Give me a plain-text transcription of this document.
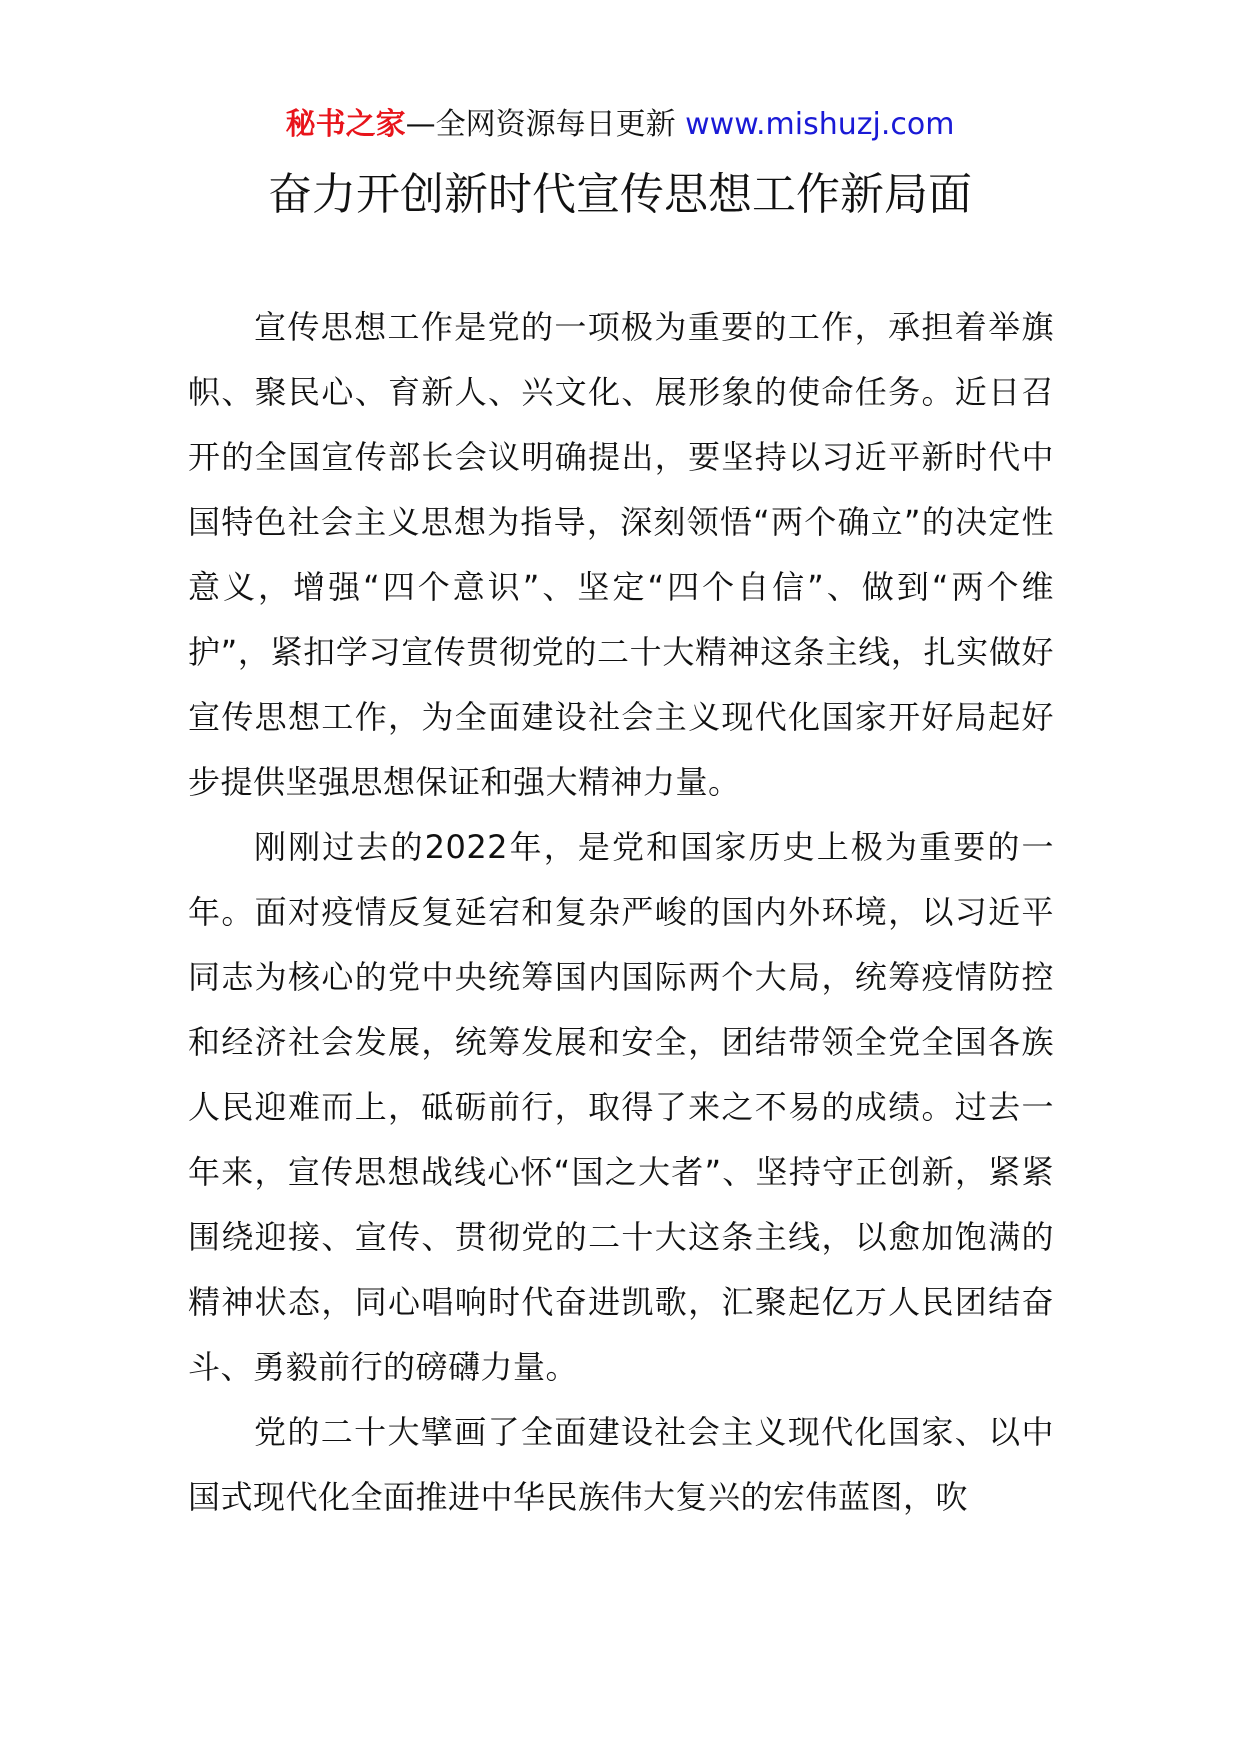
秘书之家—全网资源每日更新 www.mishuzj.com
奋力开创新时代宣传思想工作新局面

宣传思想工作是党的一项极为重要的工作，承担着举旗帜、聚民心、育新人、兴文化、展形象的使命任务。近日召开的全国宣传部长会议明确提出，要坚持以习近平新时代中国特色社会主义思想为指导，深刻领悟“两个确立”的决定性意义，增强“四个意识”、坚定“四个自信”、做到“两个维护”，紧扣学习宣传贯彻党的二十大精神这条主线，扎实做好宣传思想工作，为全面建设社会主义现代化国家开好局起好步提供坚强思想保证和强大精神力量。

刚刚过去的2022年，是党和国家历史上极为重要的一年。面对疫情反复延宕和复杂严峻的国内外环境，以习近平同志为核心的党中央统筹国内国际两个大局，统筹疫情防控和经济社会发展，统筹发展和安全，团结带领全党全国各族人民迎难而上，砥砺前行，取得了来之不易的成绩。过去一年来，宣传思想战线心怀“国之大者”、坚持守正创新，紧紧围绕迎接、宣传、贯彻党的二十大这条主线，以愈加饱满的精神状态，同心唱响时代奋进凯歌，汇聚起亿万人民团结奋斗、勇毅前行的磅礴力量。

党的二十大擘画了全面建设社会主义现代化国家、以中国式现代化全面推进中华民族伟大复兴的宏伟蓝图，吹
